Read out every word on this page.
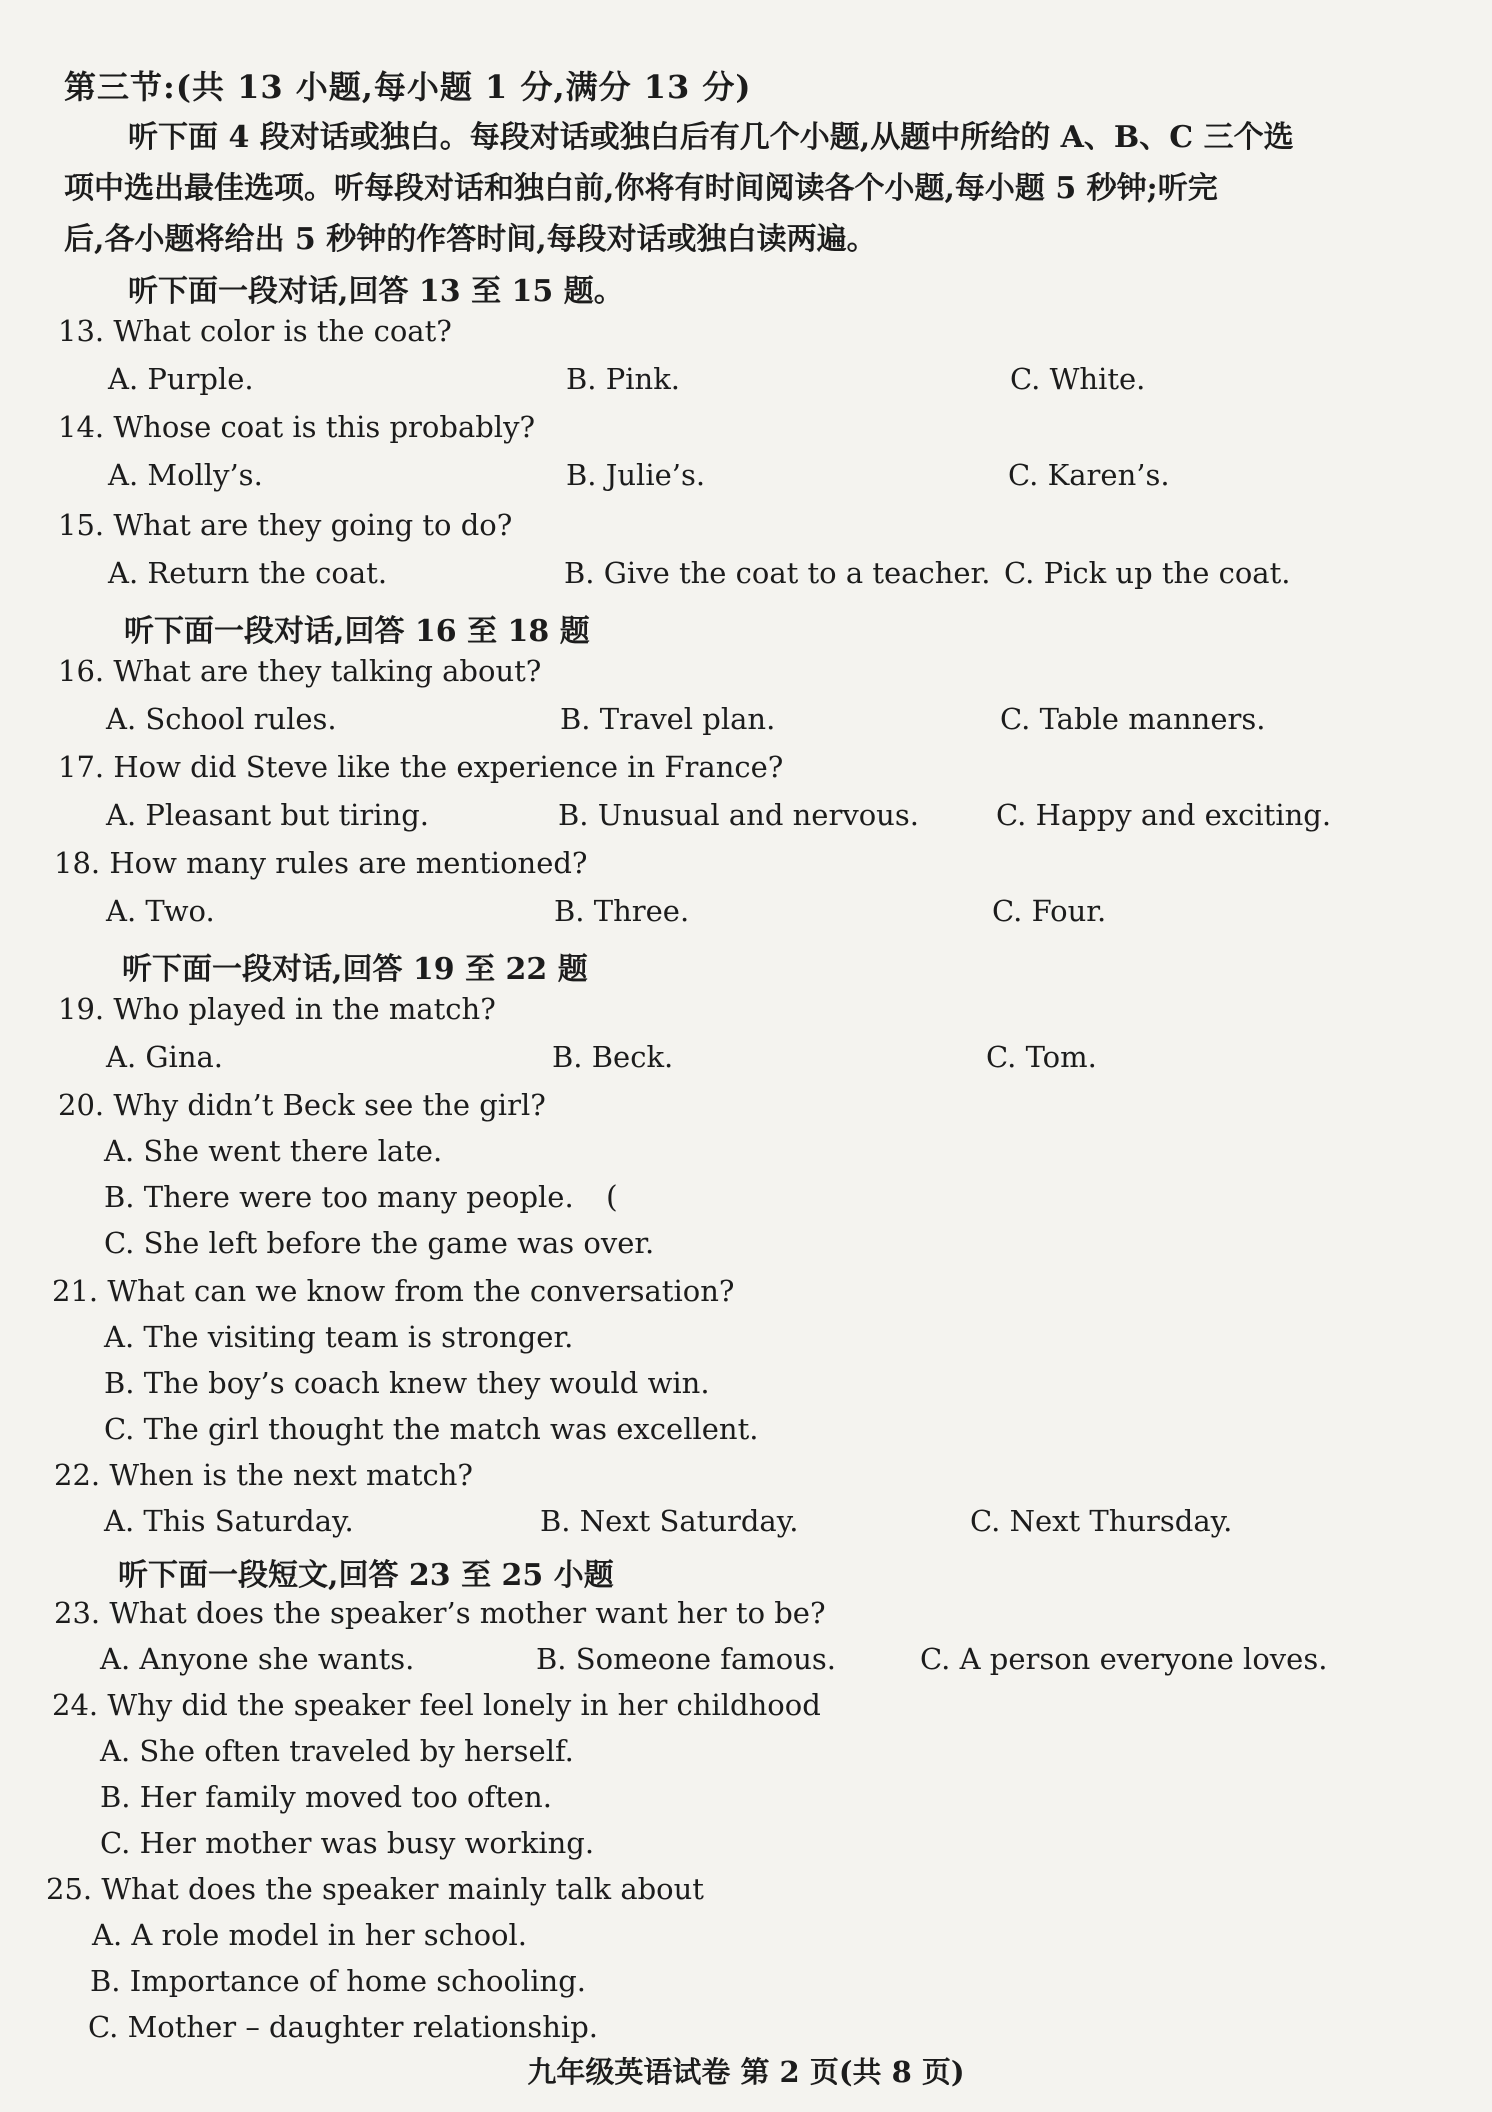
第三节:(共 13 小题,每小题 1 分,满分 13 分)
听下面 4 段对话或独白。每段对话或独白后有几个小题,从题中所给的 A、B、C 三个选
项中选出最佳选项。听每段对话和独白前,你将有时间阅读各个小题,每小题 5 秒钟;听完
后,各小题将给出 5 秒钟的作答时间,每段对话或独白读两遍。
听下面一段对话,回答 13 至 15 题。
13. What color is the coat?
A. Purple.	B. Pink.	C. White.
14. Whose coat is this probably?
A. Molly’s.	B. Julie’s.	C. Karen’s.
15. What are they going to do?
A. Return the coat.	B. Give the coat to a teacher. C. Pick up the coat.
听下面一段对话,回答 16 至 18 题
16. What are they talking about?
A. School rules.	B. Travel plan.	C. Table manners.
17. How did Steve like the experience in France?
A. Pleasant but tiring.	B. Unusual and nervous.	C. Happy and exciting.
18. How many rules are mentioned?
A. Two.	B. Three.	C. Four.
听下面一段对话,回答 19 至 22 题
19. Who played in the match?
A. Gina.	B. Beck.	C. Tom.
20. Why didn’t Beck see the girl?
A. She went there late.
B. There were too many people. (
C. She left before the game was over.
21. What can we know from the conversation?
A. The visiting team is stronger.
B. The boy’s coach knew they would win.
C. The girl thought the match was excellent.
22. When is the next match?
A. This Saturday.	B. Next Saturday.	C. Next Thursday.
听下面一段短文,回答 23 至 25 小题
23. What does the speaker’s mother want her to be?
A. Anyone she wants.	B. Someone famous.	C. A person everyone loves.
24. Why did the speaker feel lonely in her childhood
A. She often traveled by herself.
B. Her family moved too often.
C. Her mother was busy working.
25. What does the speaker mainly talk about
A. A role model in her school.
B. Importance of home schooling.
C. Mother – daughter relationship.
九年级英语试卷 第 2 页(共 8 页)
